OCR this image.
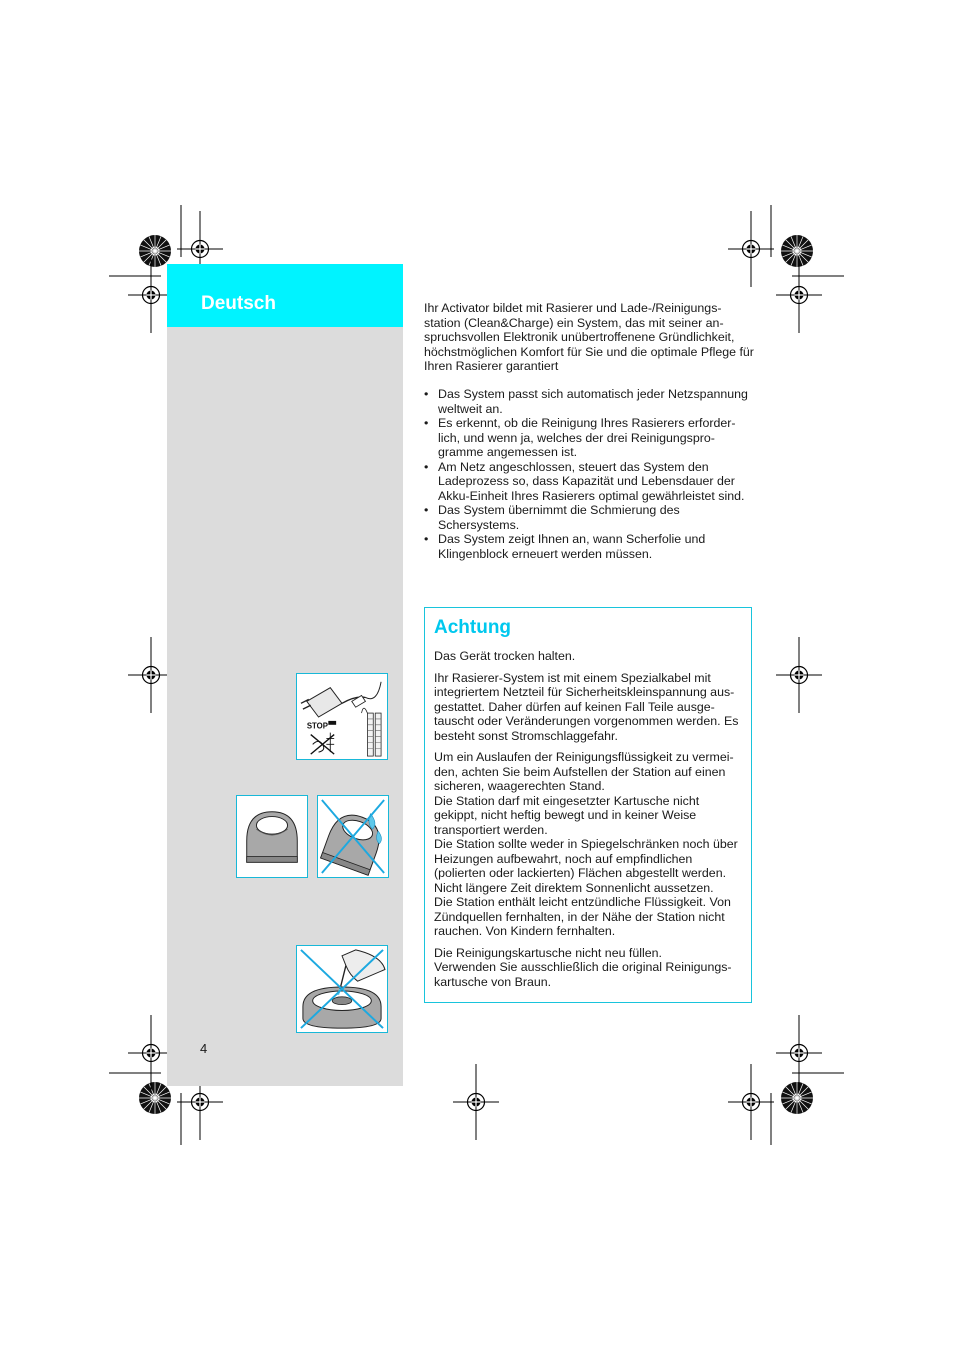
Deutsch
STOP
4

Ihr Activator bildet mit Rasierer und Lade-/Reinigungs-station (Clean&Charge) ein System, das mit seiner an-spruchsvollen Elektronik unübertroffenene Gründlichkeit, höchstmöglichen Komfort für Sie und die optimale Pflege für Ihren Rasierer garantiert

• Das System passt sich automatisch jeder Netzspannung weltweit an.
• Es erkennt, ob die Reinigung Ihres Rasierers erforder-lich, und wenn ja, welches der drei Reinigungspro-gramme angemessen ist.
• Am Netz angeschlossen, steuert das System den Ladeprozess so, dass Kapazität und Lebensdauer der Akku-Einheit Ihres Rasierers optimal gewährleistet sind.
• Das System übernimmt die Schmierung des Schersystems.
• Das System zeigt Ihnen an, wann Scherfolie und Klingenblock erneuert werden müssen.
Achtung

Das Gerät trocken halten.

Ihr Rasierer-System ist mit einem Spezialkabel mit integriertem Netzteil für Sicherheitskleinspannung aus-gestattet. Daher dürfen auf keinen Fall Teile ausge-tauscht oder Veränderungen vorgenommen werden. Es besteht sonst Stromschlaggefahr.

Um ein Auslaufen der Reinigungsflüssigkeit zu vermei-den, achten Sie beim Aufstellen der Station auf einen sicheren, waagerechten Stand.
Die Station darf mit eingesetzter Kartusche nicht gekippt, nicht heftig bewegt und in keiner Weise transportiert werden.
Die Station sollte weder in Spiegelschränken noch über Heizungen aufbewahrt, noch auf empfindlichen (polierten oder lackierten) Flächen abgestellt werden. Nicht längere Zeit direktem Sonnenlicht aussetzen.
Die Station enthält leicht entzündliche Flüssigkeit. Von Zündquellen fernhalten, in der Nähe der Station nicht rauchen. Von Kindern fernhalten.

Die Reinigungskartusche nicht neu füllen.
Verwenden Sie ausschließlich die original Reinigungs-kartusche von Braun.
